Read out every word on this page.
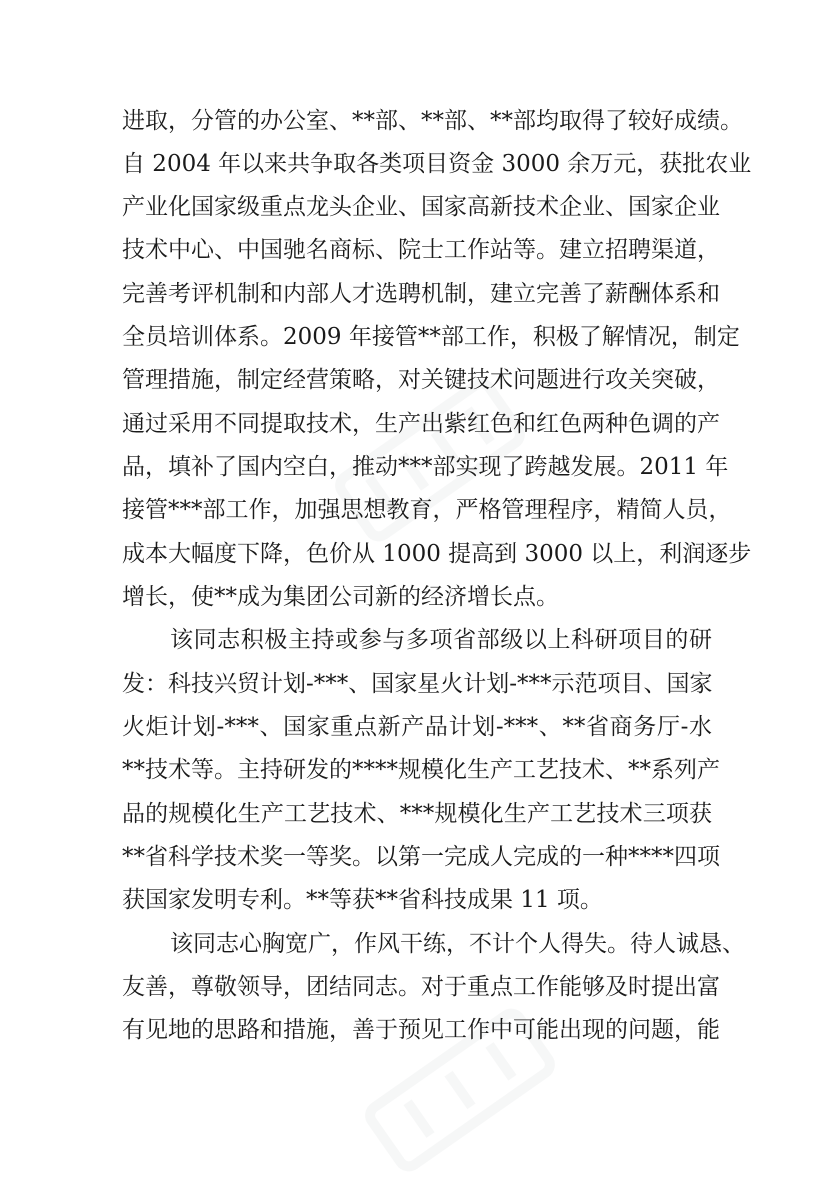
进取，分管的办公室、**部、**部、**部均取得了较好成绩。
自 2004 年以来共争取各类项目资金 3000 余万元，获批农业
产业化国家级重点龙头企业、国家高新技术企业、国家企业
技术中心、中国驰名商标、院士工作站等。建立招聘渠道，
完善考评机制和内部人才选聘机制，建立完善了薪酬体系和
全员培训体系。2009 年接管**部工作，积极了解情况，制定
管理措施，制定经营策略，对关键技术问题进行攻关突破，
通过采用不同提取技术，生产出紫红色和红色两种色调的产
品，填补了国内空白，推动***部实现了跨越发展。2011 年
接管***部工作，加强思想教育，严格管理程序，精简人员，
成本大幅度下降，色价从 1000 提高到 3000 以上，利润逐步
增长，使**成为集团公司新的经济增长点。
该同志积极主持或参与多项省部级以上科研项目的研
发：科技兴贸计划-***、国家星火计划-***示范项目、国家
火炬计划-***、国家重点新产品计划-***、**省商务厅-水
**技术等。主持研发的****规模化生产工艺技术、**系列产
品的规模化生产工艺技术、***规模化生产工艺技术三项获
**省科学技术奖一等奖。以第一完成人完成的一种****四项
获国家发明专利。**等获**省科技成果 11 项。
该同志心胸宽广，作风干练，不计个人得失。待人诚恳、
友善，尊敬领导，团结同志。对于重点工作能够及时提出富
有见地的思路和措施，善于预见工作中可能出现的问题，能
